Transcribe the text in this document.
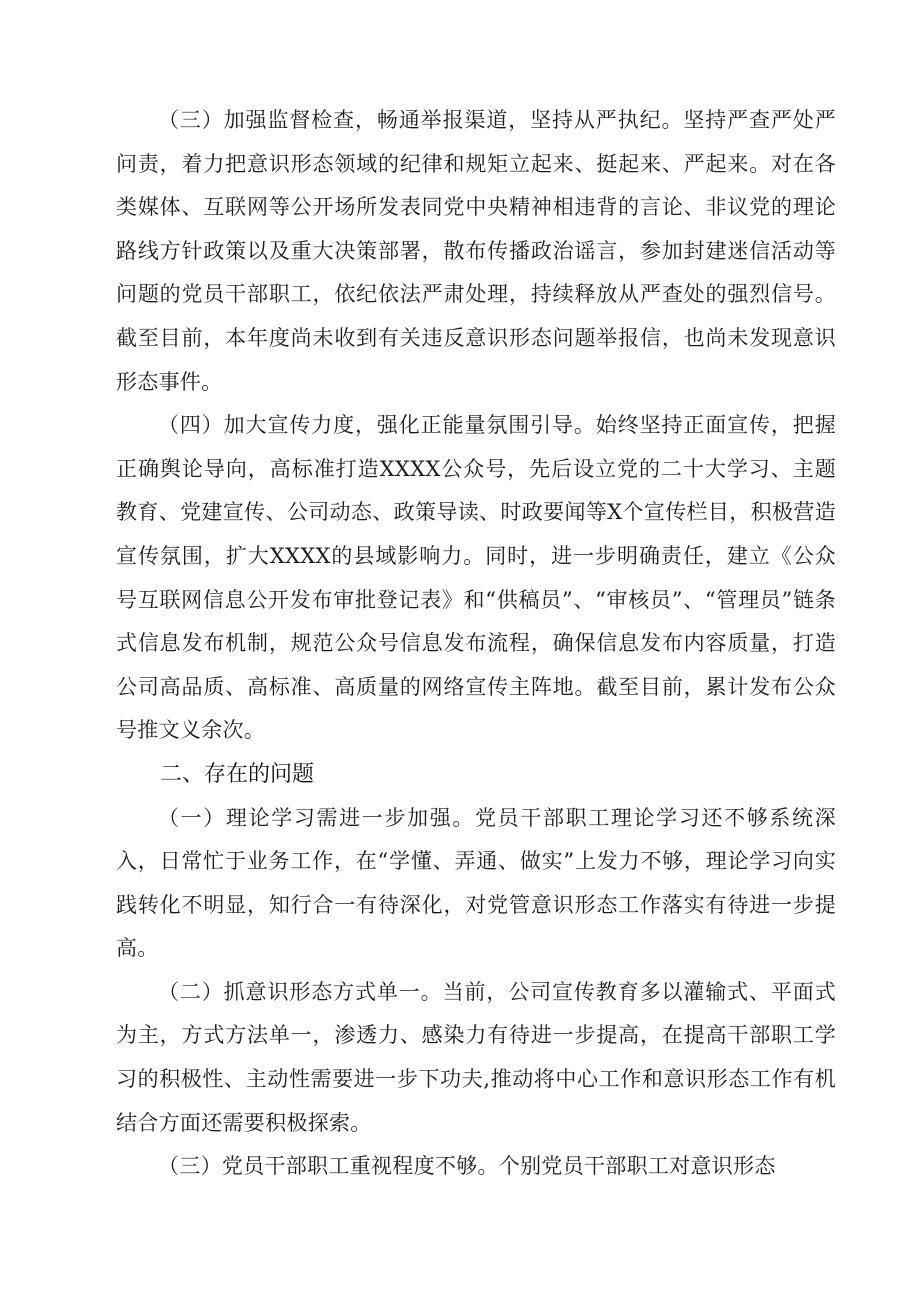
（三）加强监督检查，畅通举报渠道，坚持从严执纪。坚持严查严处严问责，着力把意识形态领域的纪律和规矩立起来、挺起来、严起来。对在各类媒体、互联网等公开场所发表同党中央精神相违背的言论、非议党的理论路线方针政策以及重大决策部署，散布传播政治谣言，参加封建迷信活动等问题的党员干部职工，依纪依法严肃处理，持续释放从严查处的强烈信号。截至目前，本年度尚未收到有关违反意识形态问题举报信，也尚未发现意识形态事件。

（四）加大宣传力度，强化正能量氛围引导。始终坚持正面宣传，把握正确舆论导向，高标准打造XXXX公众号，先后设立党的二十大学习、主题教育、党建宣传、公司动态、政策导读、时政要闻等X个宣传栏目，积极营造宣传氛围，扩大XXXX的县域影响力。同时，进一步明确责任，建立《公众号互联网信息公开发布审批登记表》和“供稿员”、“审核员”、“管理员”链条式信息发布机制，规范公众号信息发布流程，确保信息发布内容质量，打造公司高品质、高标准、高质量的网络宣传主阵地。截至目前，累计发布公众号推文义余次。

二、存在的问题

（一）理论学习需进一步加强。党员干部职工理论学习还不够系统深入，日常忙于业务工作，在“学懂、弄通、做实”上发力不够，理论学习向实践转化不明显，知行合一有待深化，对党管意识形态工作落实有待进一步提高。

（二）抓意识形态方式单一。当前，公司宣传教育多以灌输式、平面式为主，方式方法单一，渗透力、感染力有待进一步提高，在提高干部职工学习的积极性、主动性需要进一步下功夫,推动将中心工作和意识形态工作有机结合方面还需要积极探索。

（三）党员干部职工重视程度不够。个别党员干部职工对意识形态
